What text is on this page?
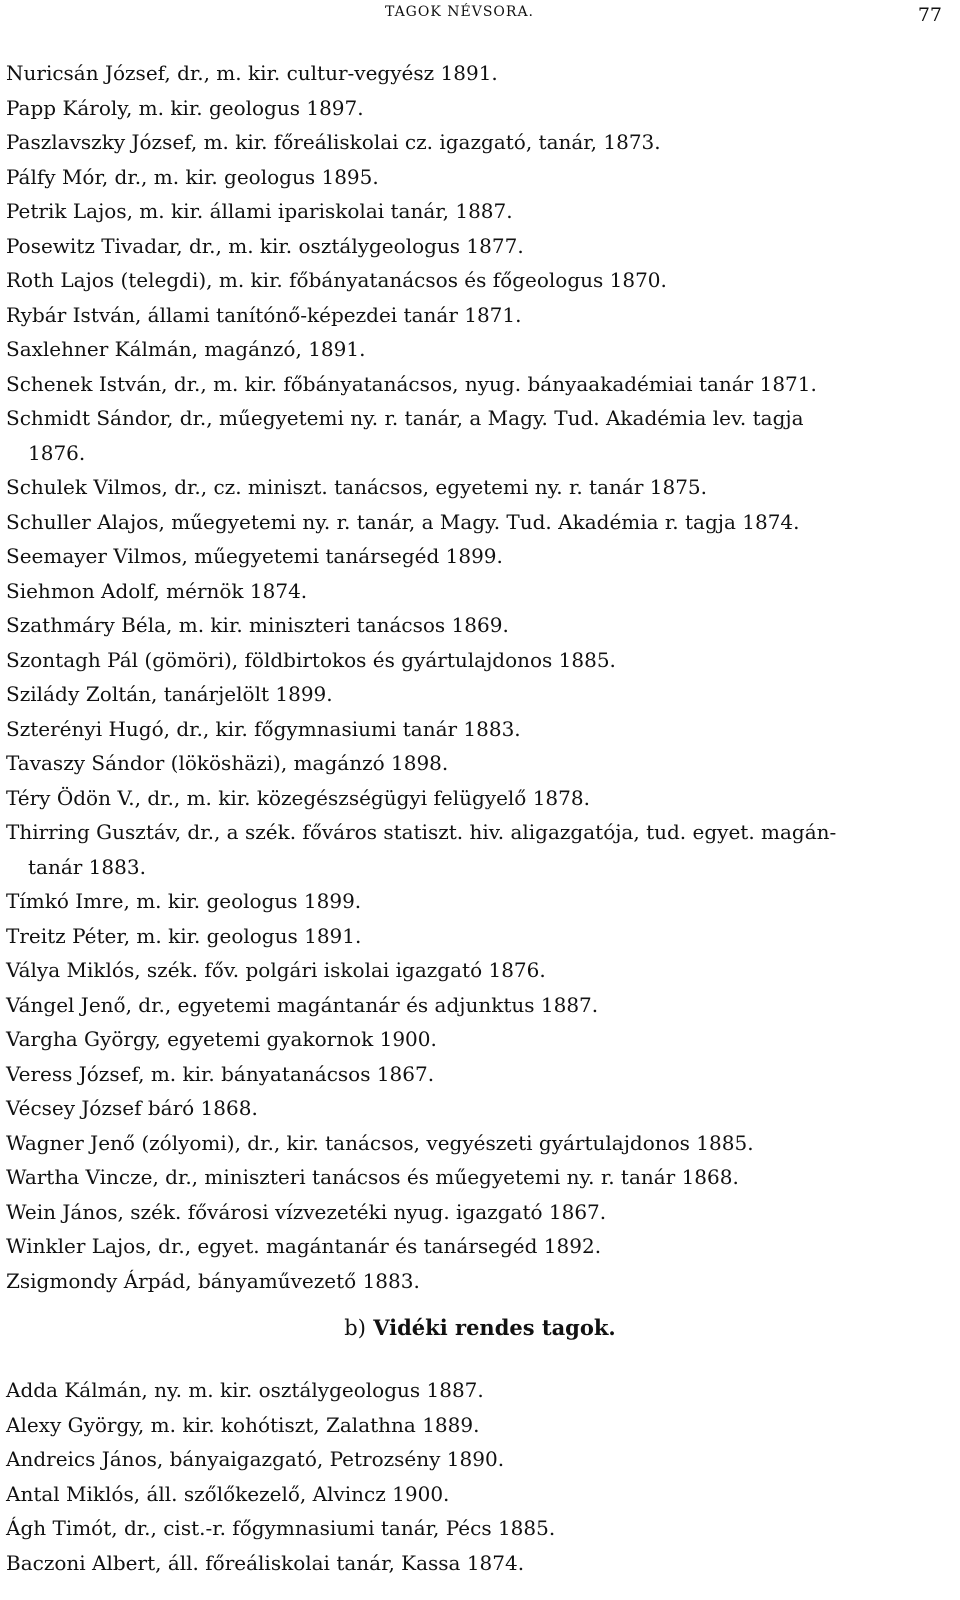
TAGOK NÉVSORA.	77
Nuricsán József, dr., m. kir. cultur-vegyész 1891.
Papp Károly, m. kir. geologus 1897.
Paszlavszky József, m. kir. főreáliskolai cz. igazgató, tanár, 1873.
Pálfy Mór, dr., m. kir. geologus 1895.
Petrik Lajos, m. kir. állami ipariskolai tanár, 1887.
Posewitz Tivadar, dr., m. kir. osztálygeologus 1877.
Roth Lajos (telegdi), m. kir. főbányatanácsos és főgeologus 1870.
Rybár István, állami tanítónő-képezdei tanár 1871.
Saxlehner Kálmán, magánzó, 1891.
Schenek István, dr., m. kir. főbányatanácsos, nyug. bányaakadémiai tanár 1871.
Schmidt Sándor, dr., műegyetemi ny. r. tanár, a Magy. Tud. Akadémia lev. tagja
1876.
Schulek Vilmos, dr., cz. miniszt. tanácsos, egyetemi ny. r. tanár 1875.
Schuller Alajos, műegyetemi ny. r. tanár, a Magy. Tud. Akadémia r. tagja 1874.
Seemayer Vilmos, műegyetemi tanársegéd 1899.
Siehmon Adolf, mérnök 1874.
Szathmáry Béla, m. kir. miniszteri tanácsos 1869.
Szontagh Pál (gömöri), földbirtokos és gyártulajdonos 1885.
Sziládу Zoltán, tanárjelölt 1899.
Szterényi Hugó, dr., kir. főgymnasiumi tanár 1883.
Tavaszy Sándor (lököshäzi), magánzó 1898.
Téry Ödön V., dr., m. kir. közegészségügyi felügyelő 1878.
Thirring Gusztáv, dr., a szék. főváros statiszt. hiv. aligazgatója, tud. egyet. magán-
tanár 1883.
Tímkó Imre, m. kir. geologus 1899.
Treitz Péter, m. kir. geologus 1891.
Vályа Miklós, szék. főv. polgári iskolai igazgató 1876.
Vángel Jenő, dr., egyetemi magántanár és adjunktus 1887.
Vargha György, egyetemi gyakornok 1900.
Veress József, m. kir. bányatanácsos 1867.
Vécsey József báró 1868.
Wagner Jenő (zólyomi), dr., kir. tanácsos, vegyészeti gyártulajdonos 1885.
Wartha Vincze, dr., miniszteri tanácsos és műegyetemi ny. r. tanár 1868.
Wein János, szék. fővárosi vízvezetéki nyug. igazgató 1867.
Winkler Lajos, dr., egyet. magántanár és tanársegéd 1892.
Zsigmondy Árpád, bányaművezető 1883.
b) Vidéki rendes tagok.
Adda Kálmán, ny. m. kir. osztálygeologus 1887.
Alexy György, m. kir. kohótiszt, Zalathna 1889.
Andreics János, bányaigazgató, Petrozsény 1890.
Antal Miklós, áll. szőlőkezelő, Alvincz 1900.
Ágh Timót, dr., cist.-r. főgymnasiumi tanár, Pécs 1885.
Baczoni Albert, áll. főreáliskolai tanár, Kassa 1874.
